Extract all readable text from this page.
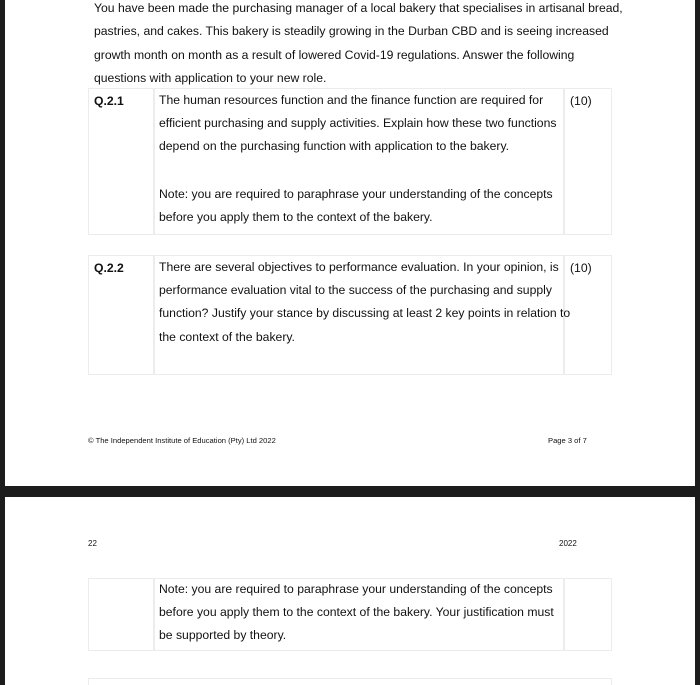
You have been made the purchasing manager of a local bakery that specialises in artisanal bread,
pastries, and cakes. This bakery is steadily growing in the Durban CBD and is seeing increased
growth month on month as a result of lowered Covid-19 regulations. Answer the following
questions with application to your new role.
Q.2.1	The human resources function and the finance function are required for
efficient purchasing and supply activities. Explain how these two functions
depend on the purchasing function with application to the bakery.
(10)
Note: you are required to paraphrase your understanding of the concepts
before you apply them to the context of the bakery.
Q.2.2	There are several objectives to performance evaluation. In your opinion, is
performance evaluation vital to the success of the purchasing and supply
function? Justify your stance by discussing at least 2 key points in relation to
the context of the bakery.
(10)
© The Independent Institute of Education (Pty) Ltd 2022	Page 3 of 7
22	2022
Note: you are required to paraphrase your understanding of the concepts
before you apply them to the context of the bakery. Your justification must
be supported by theory.
